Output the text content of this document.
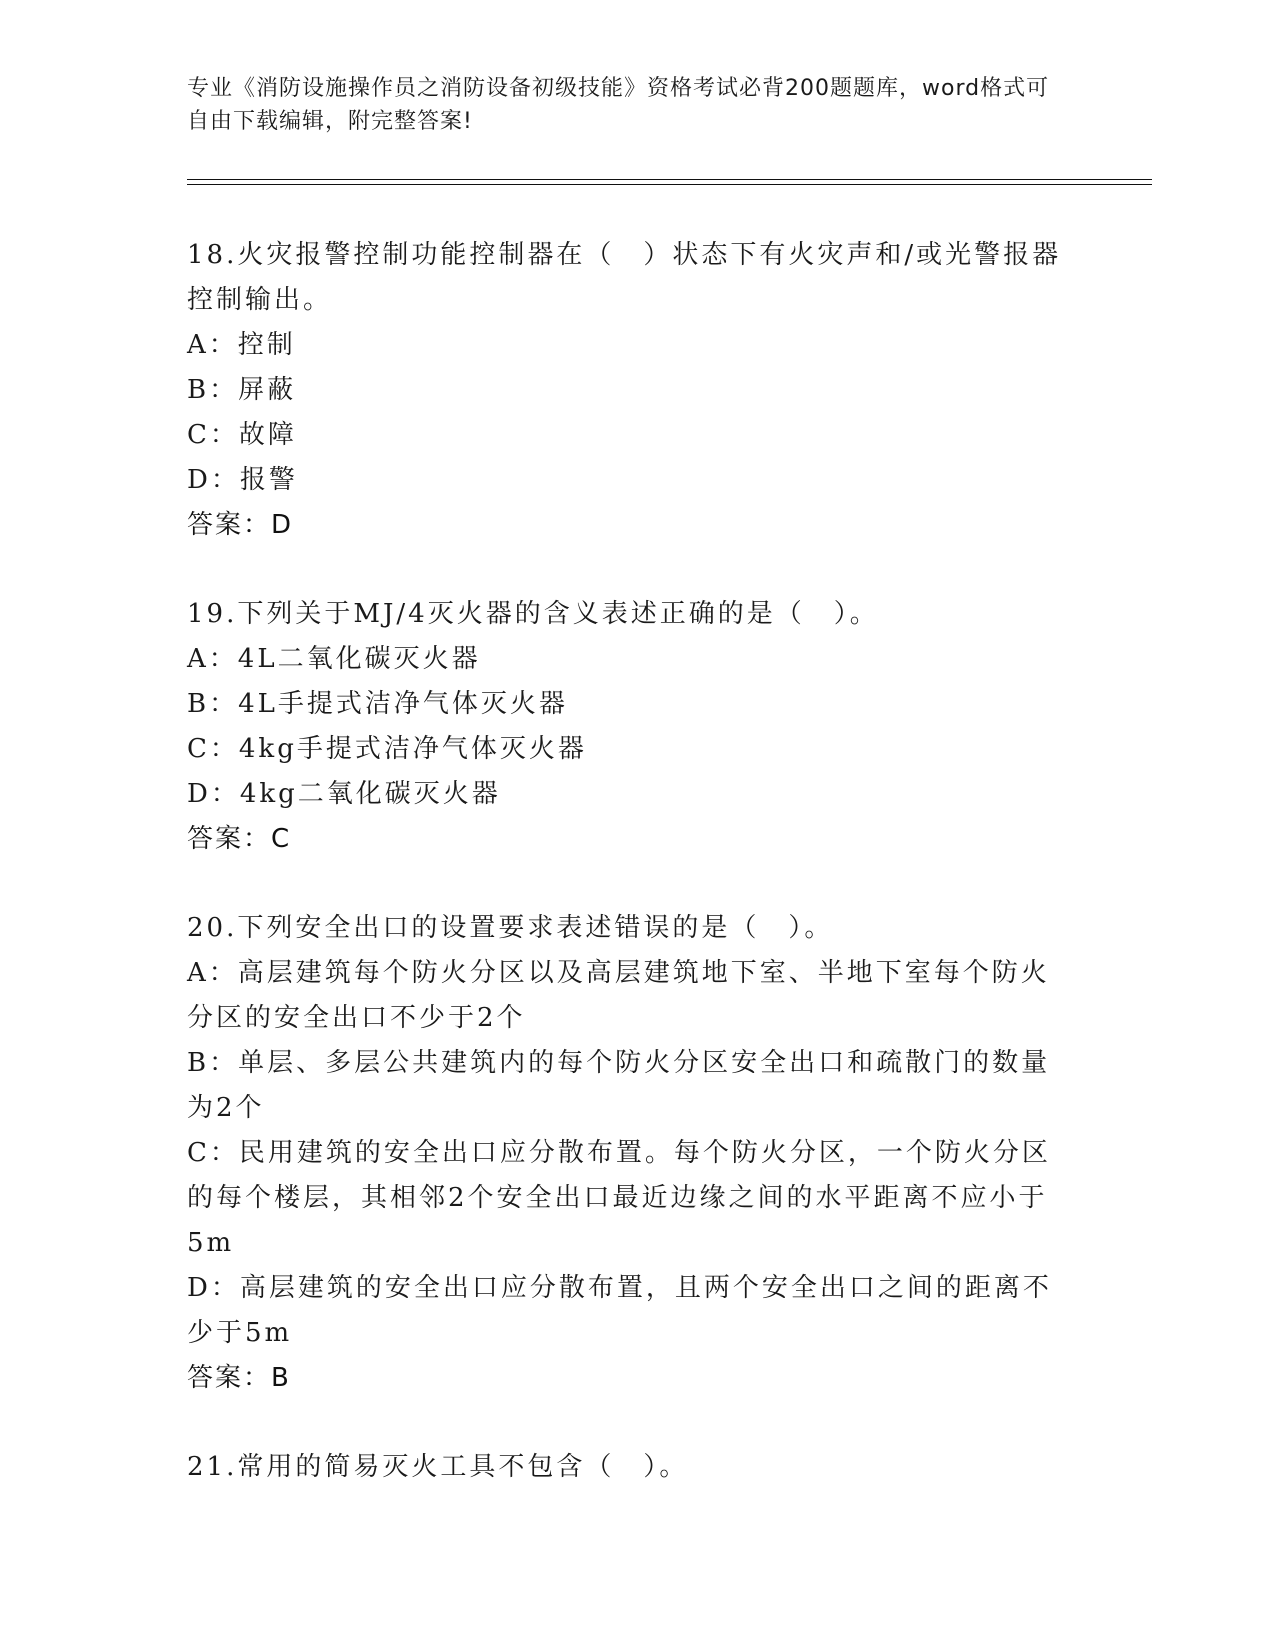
专业《消防设施操作员之消防设备初级技能》资格考试必背200题题库，word格式可自由下载编辑，附完整答案!
18.火灾报警控制功能控制器在（　）状态下有火灾声和/或光警报器控制输出。
A：控制
B：屏蔽
C：故障
D：报警
答案：D
19.下列关于MJ/4灭火器的含义表述正确的是（　）。
A：4L二氧化碳灭火器
B：4L手提式洁净气体灭火器
C：4kg手提式洁净气体灭火器
D：4kg二氧化碳灭火器
答案：C
20.下列安全出口的设置要求表述错误的是（　）。
A：高层建筑每个防火分区以及高层建筑地下室、半地下室每个防火分区的安全出口不少于2个
B：单层、多层公共建筑内的每个防火分区安全出口和疏散门的数量为2个
C：民用建筑的安全出口应分散布置。每个防火分区，一个防火分区的每个楼层，其相邻2个安全出口最近边缘之间的水平距离不应小于5m
D：高层建筑的安全出口应分散布置，且两个安全出口之间的距离不少于5m
答案：B
21.常用的简易灭火工具不包含（　）。
